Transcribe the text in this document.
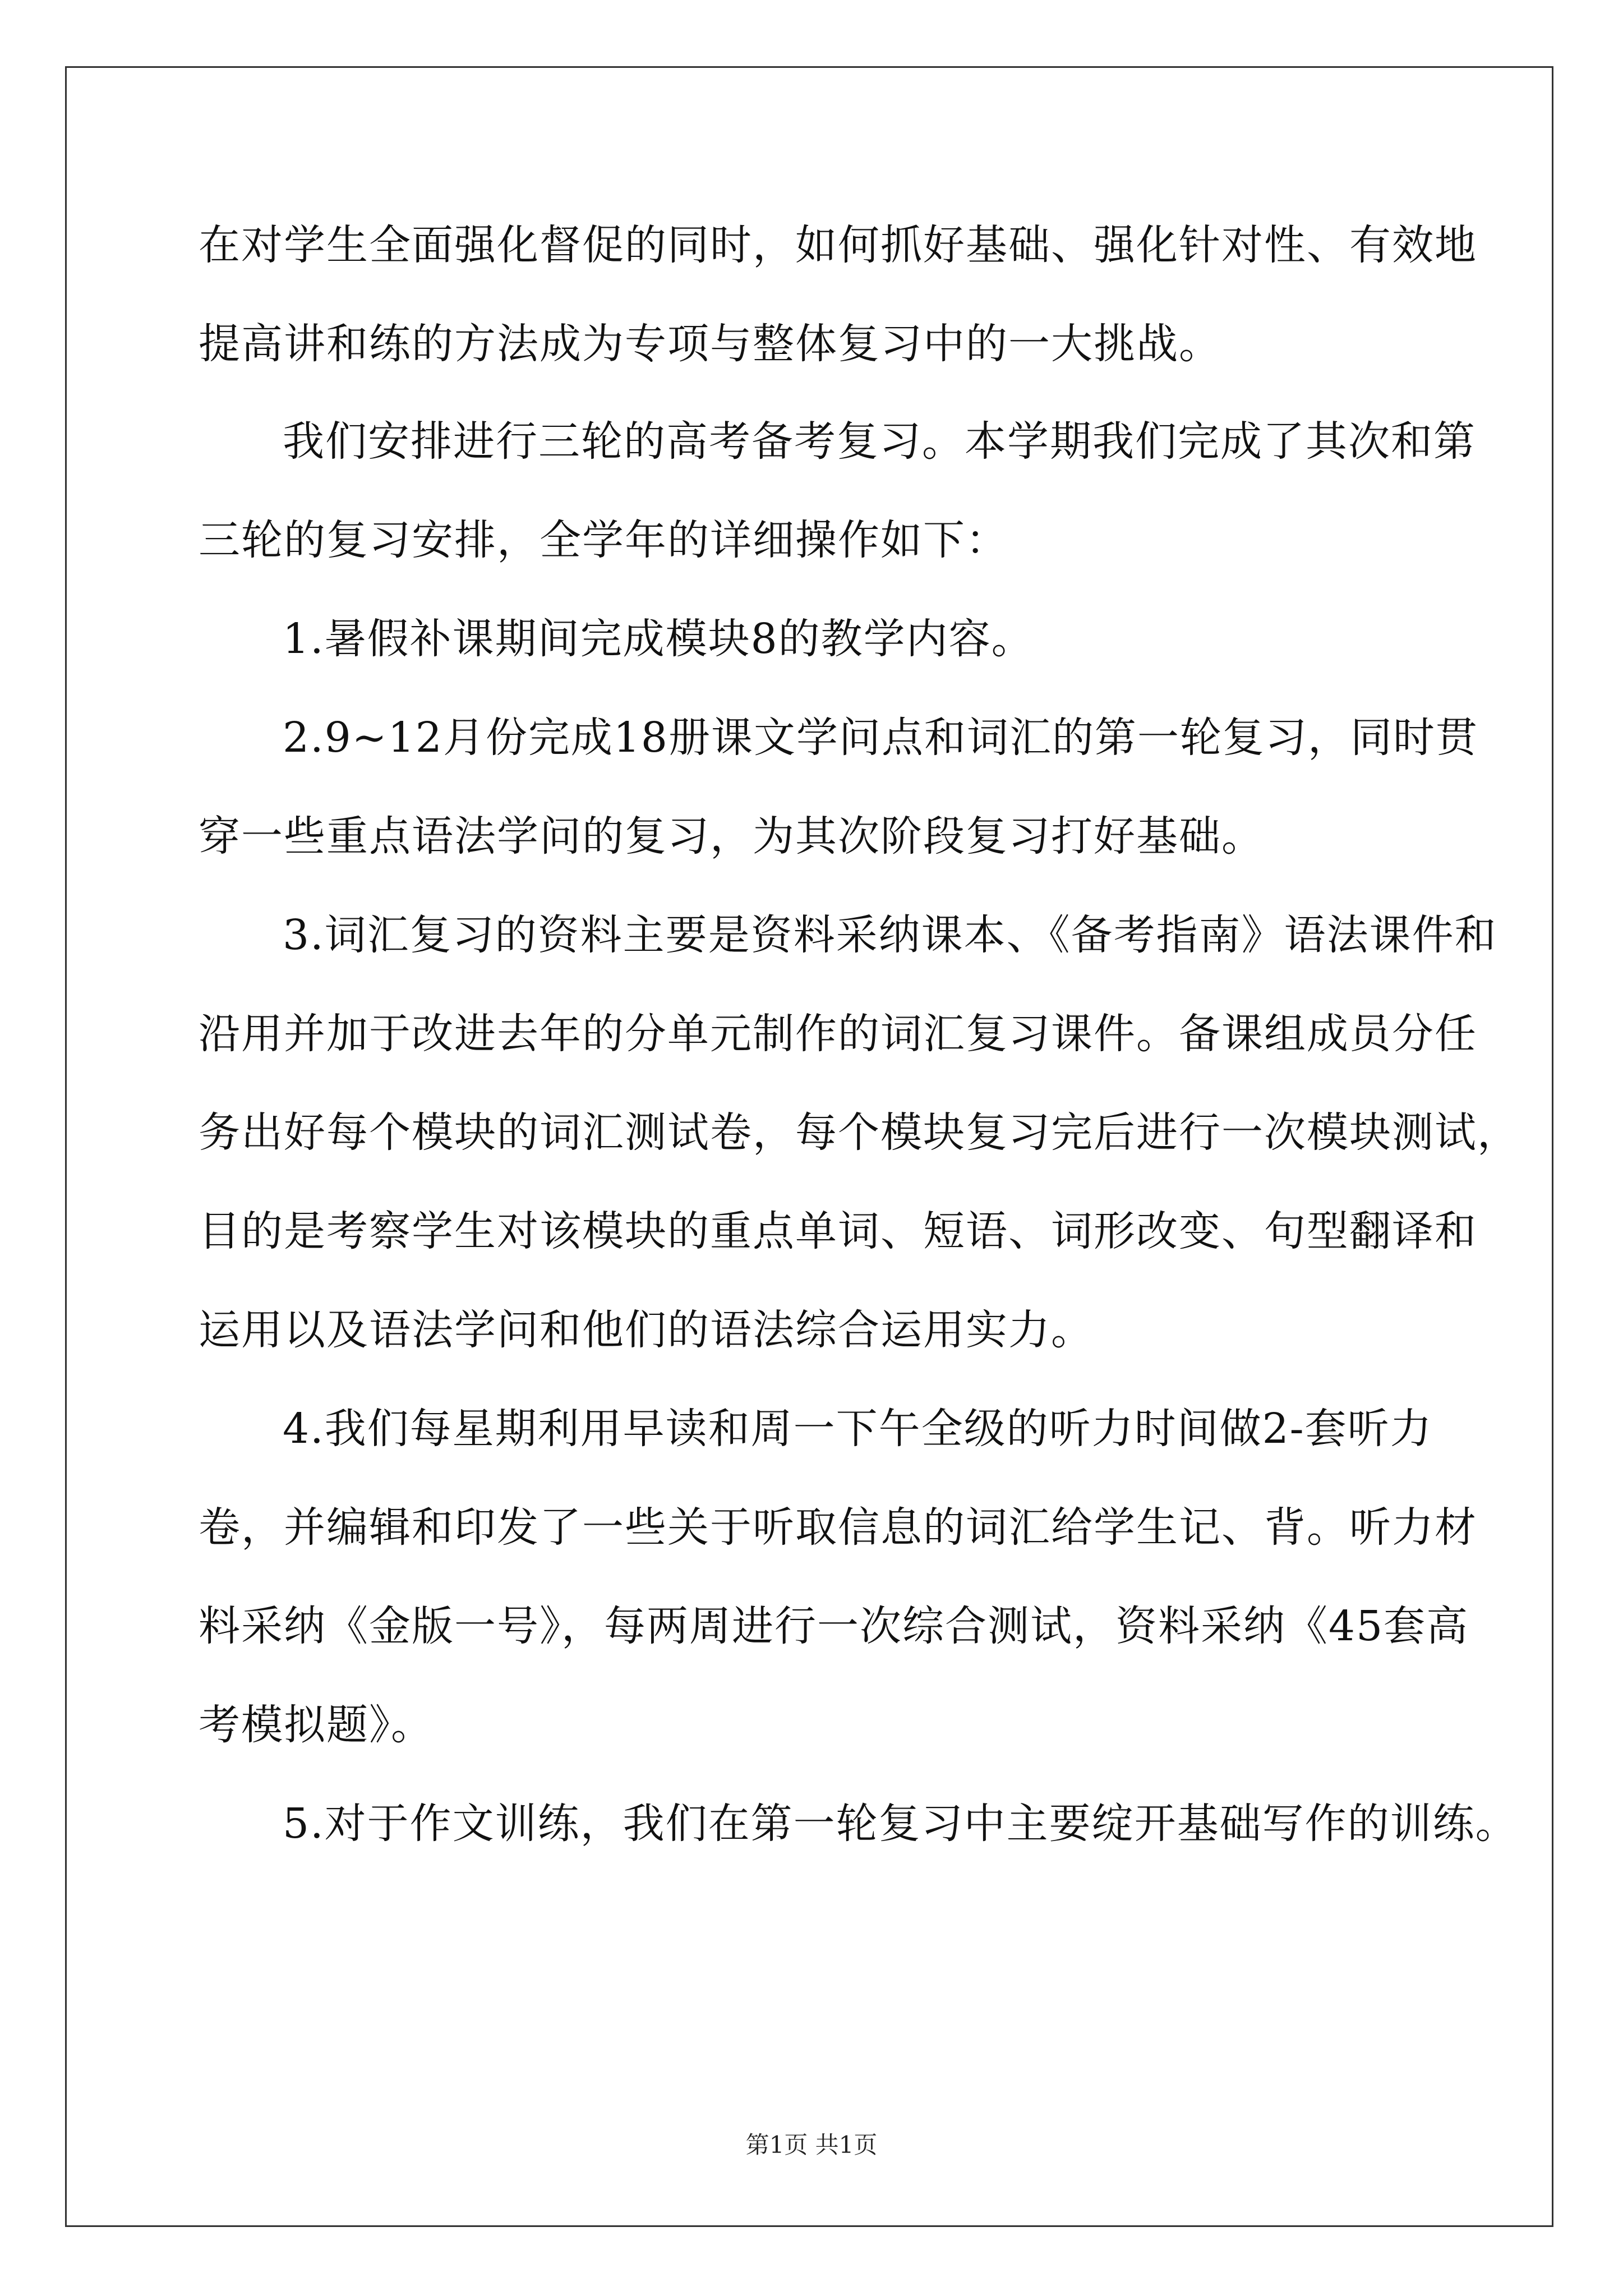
在对学生全面强化督促的同时，如何抓好基础、强化针对性、有效地
提高讲和练的方法成为专项与整体复习中的一大挑战。
我们安排进行三轮的高考备考复习。本学期我们完成了其次和第
三轮的复习安排，全学年的详细操作如下：
1.暑假补课期间完成模块8的教学内容。
2.9~12月份完成18册课文学问点和词汇的第一轮复习，同时贯
穿一些重点语法学问的复习，为其次阶段复习打好基础。
3.词汇复习的资料主要是资料采纳课本、《备考指南》语法课件和
沿用并加于改进去年的分单元制作的词汇复习课件。备课组成员分任
务出好每个模块的词汇测试卷，每个模块复习完后进行一次模块测试，
目的是考察学生对该模块的重点单词、短语、词形改变、句型翻译和
运用以及语法学问和他们的语法综合运用实力。
4.我们每星期利用早读和周一下午全级的听力时间做2-套听力
卷，并编辑和印发了一些关于听取信息的词汇给学生记、背。听力材
料采纳《金版一号》，每两周进行一次综合测试，资料采纳《45套高
考模拟题》。
5.对于作文训练，我们在第一轮复习中主要绽开基础写作的训练。
第1页 共1页
